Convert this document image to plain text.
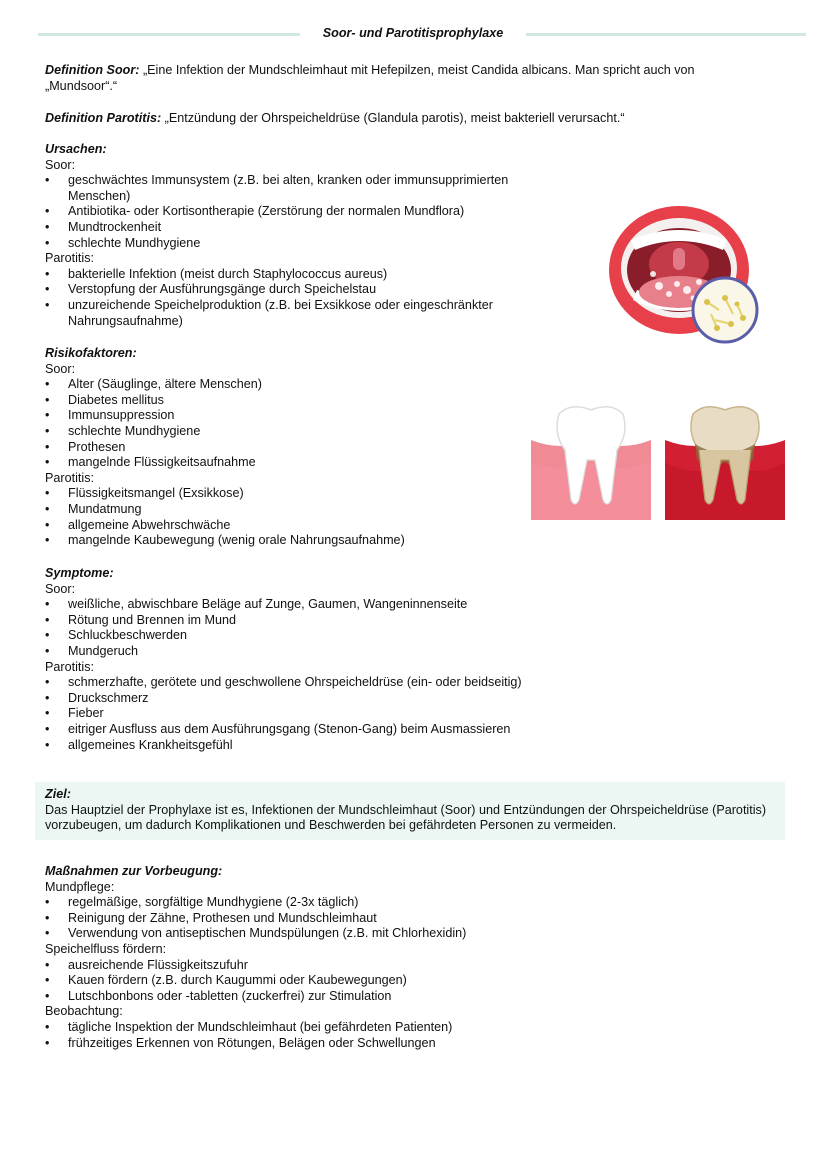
Soor- und Parotitisprophylaxe
Definition Soor: „Eine Infektion der Mundschleimhaut mit Hefepilzen, meist Candida albicans. Man spricht auch von „Mundsoor“.“
Definition Parotitis: „Entzündung der Ohrspeicheldrüse (Glandula parotis), meist bakteriell verursacht.“
Ursachen:
Soor:
• geschwächtes Immunsystem (z.B. bei alten, kranken oder immunsupprimierten Menschen)
• Antibiotika- oder Kortisontherapie (Zerstörung der normalen Mundflora)
• Mundtrockenheit
• schlechte Mundhygiene
Parotitis:
• bakterielle Infektion (meist durch Staphylococcus aureus)
• Verstopfung der Ausführungsgänge durch Speichelstau
• unzureichende Speichelproduktion (z.B. bei Exsikkose oder eingeschränkter Nahrungsaufnahme)
Risikofaktoren:
Soor:
• Alter (Säuglinge, ältere Menschen)
• Diabetes mellitus
• Immunsuppression
• schlechte Mundhygiene
• Prothesen
• mangelnde Flüssigkeitsaufnahme
Parotitis:
• Flüssigkeitsmangel (Exsikkose)
• Mundatmung
• allgemeine Abwehrschwäche
• mangelnde Kaubewegung (wenig orale Nahrungsaufnahme)
Symptome:
Soor:
• weißliche, abwischbare Beläge auf Zunge, Gaumen, Wangeninnenseite
• Rötung und Brennen im Mund
• Schluckbeschwerden
• Mundgeruch
Parotitis:
• schmerzhafte, gerötete und geschwollene Ohrspeicheldrüse (ein- oder beidseitig)
• Druckschmerz
• Fieber
• eitriger Ausfluss aus dem Ausführungsgang (Stenon-Gang) beim Ausmassieren
• allgemeines Krankheitsgefühl
Ziel:
Das Hauptziel der Prophylaxe ist es, Infektionen der Mundschleimhaut (Soor) und Entzündungen der Ohrspeicheldrüse (Parotitis) vorzubeugen, um dadurch Komplikationen und Beschwerden bei gefährdeten Personen zu vermeiden.
Maßnahmen zur Vorbeugung:
Mundpflege:
• regelmäßige, sorgfältige Mundhygiene (2-3x täglich)
• Reinigung der Zähne, Prothesen und Mundschleimhaut
• Verwendung von antiseptischen Mundspülungen (z.B. mit Chlorhexidin)
Speichelfluss fördern:
• ausreichende Flüssigkeitszufuhr
• Kauen fördern (z.B. durch Kaugummi oder Kaubewegungen)
• Lutschbonbons oder -tabletten (zuckerfrei) zur Stimulation
Beobachtung:
• tägliche Inspektion der Mundschleimhaut (bei gefährdeten Patienten)
• frühzeitiges Erkennen von Rötungen, Belägen oder Schwellungen
